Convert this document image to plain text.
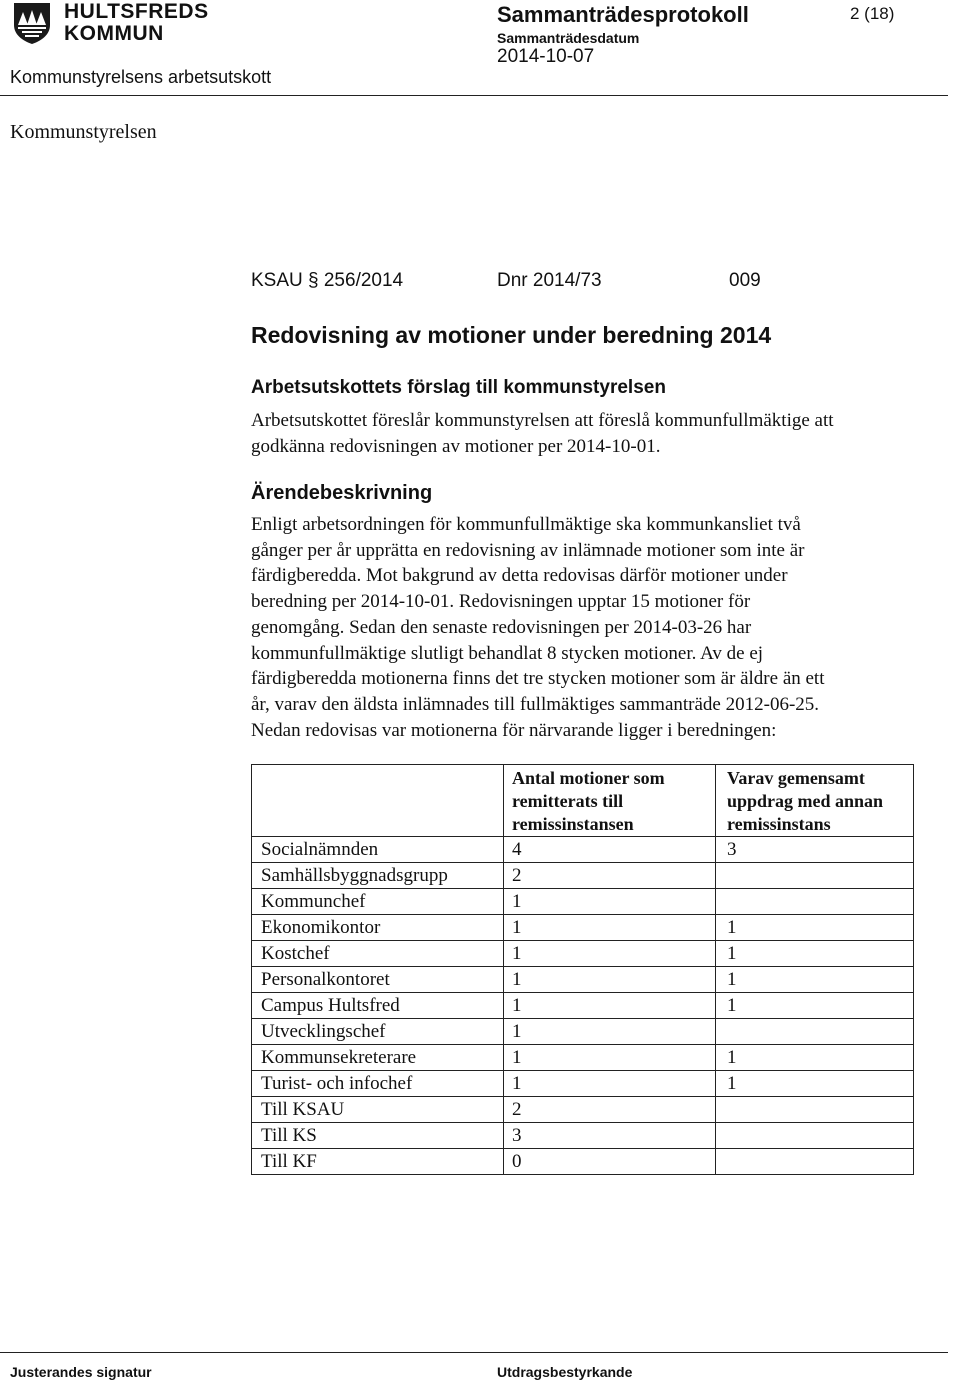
HULTSFREDS
KOMMUN
Sammanträdesprotokoll
Sammanträdesdatum
2014-10-07
2 (18)
Kommunstyrelsens arbetsutskott
Kommunstyrelsen
KSAU § 256/2014	Dnr 2014/73	009
Redovisning av motioner under beredning 2014
Arbetsutskottets förslag till kommunstyrelsen
Arbetsutskottet föreslår kommunstyrelsen att föreslå kommunfullmäktige att
godkänna redovisningen av motioner per 2014-10-01.
Ärendebeskrivning
Enligt arbetsordningen för kommunfullmäktige ska kommunkansliet två
gånger per år upprätta en redovisning av inlämnade motioner som inte är
färdigberedda. Mot bakgrund av detta redovisas därför motioner under
beredning per 2014-10-01. Redovisningen upptar 15 motioner för
genomgång. Sedan den senaste redovisningen per 2014-03-26 har
kommunfullmäktige slutligt behandlat 8 stycken motioner. Av de ej
färdigberedda motionerna finns det tre stycken motioner som är äldre än ett
år, varav den äldsta inlämnades till fullmäktiges sammanträde 2012-06-25.
Nedan redovisas var motionerna för närvarande ligger i beredningen:
	Antal motioner som remitterats till remissinstansen	Varav gemensamt uppdrag med annan remissinstans
Socialnämnden	4	3
Samhällsbyggnadsgrupp	2	
Kommunchef	1	
Ekonomikontor	1	1
Kostchef	1	1
Personalkontoret	1	1
Campus Hultsfred	1	1
Utvecklingschef	1	
Kommunsekreterare	1	1
Turist- och infochef	1	1
Till KSAU	2	
Till KS	3	
Till KF	0	
Justerandes signatur	Utdragsbestyrkande
